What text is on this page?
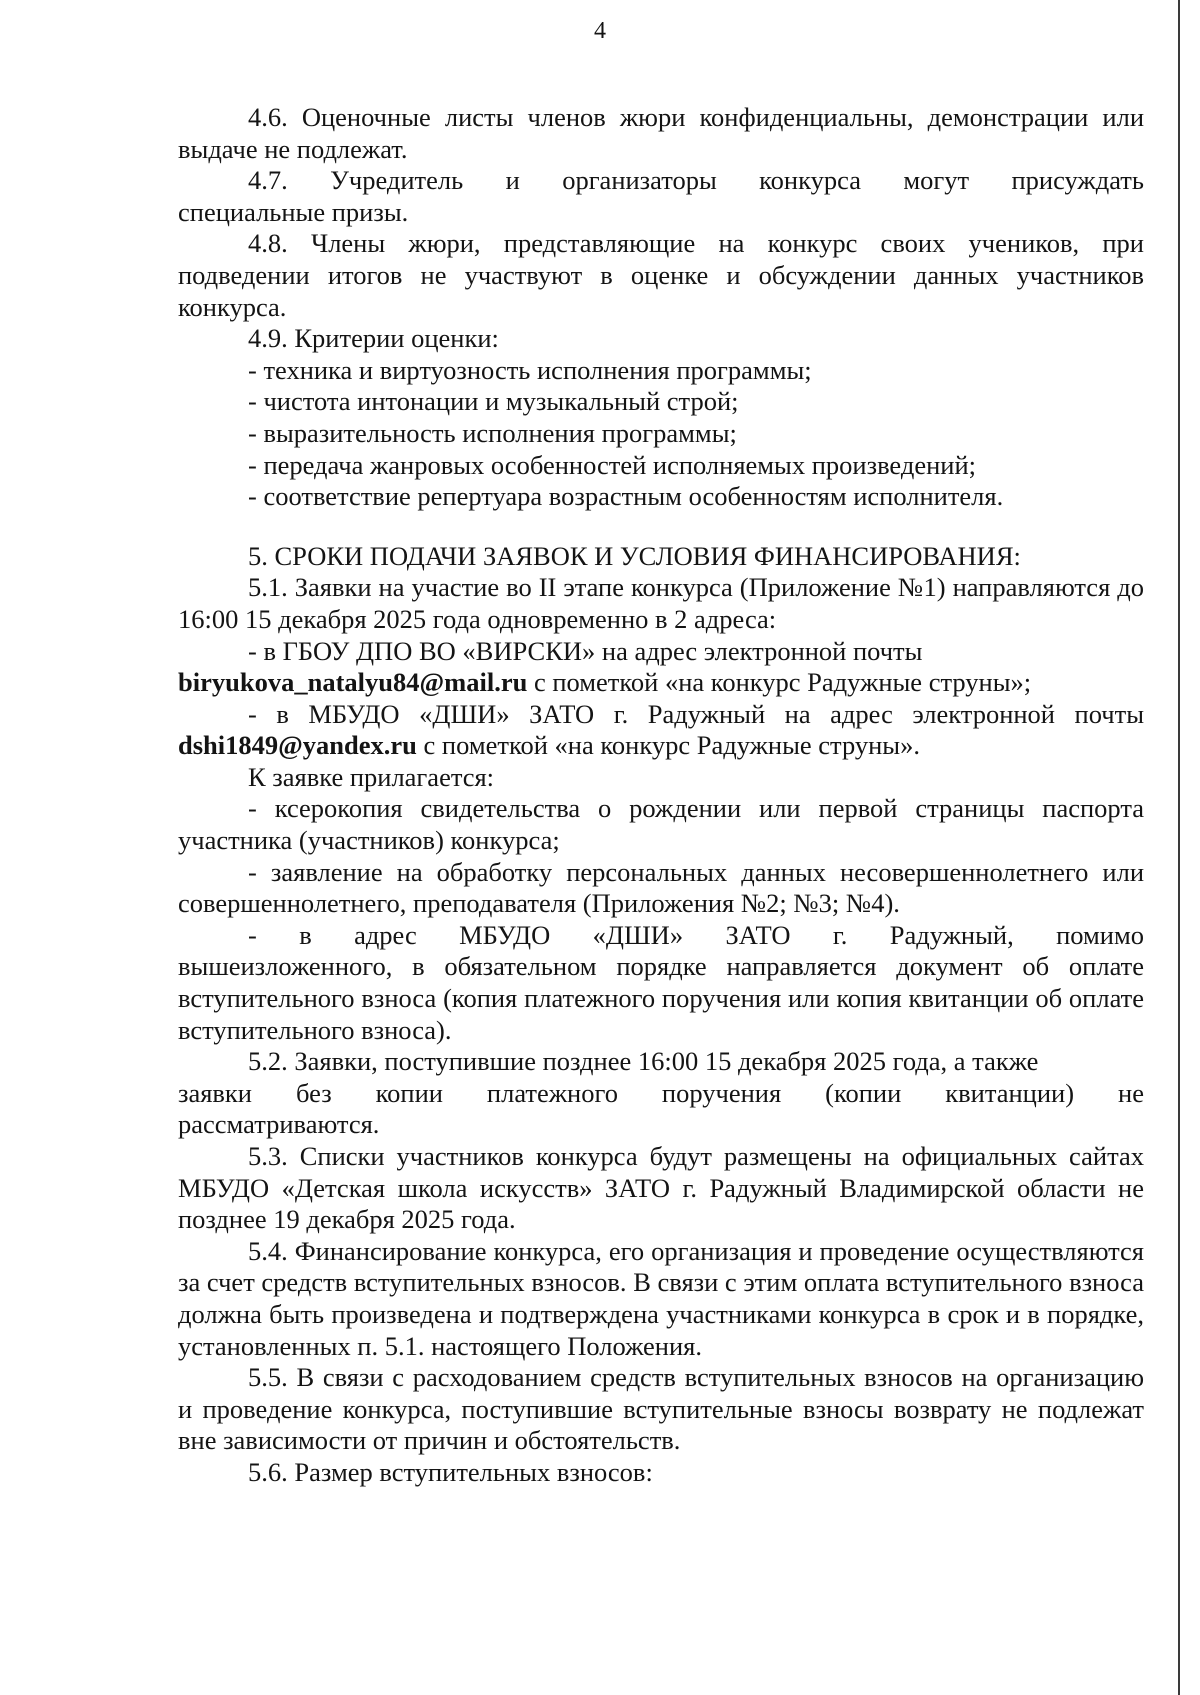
4

4.6. Оценочные листы членов жюри конфиденциальны, демонстрации или выдаче не подлежат.

4.7. Учредитель и организаторы конкурса могут присуждать
специальные призы.

4.8. Члены жюри, представляющие на конкурс своих учеников, при подведении итогов не участвуют в оценке и обсуждении данных участников конкурса.

4.9. Критерии оценки:

- техника и виртуозность исполнения программы;
- чистота интонации и музыкальный строй;
- выразительность исполнения программы;
- передача жанровых особенностей исполняемых произведений;
- соответствие репертуара возрастным особенностям исполнителя.
5. СРОКИ ПОДАЧИ ЗАЯВОК И УСЛОВИЯ ФИНАНСИРОВАНИЯ:

5.1. Заявки на участие во II этапе конкурса (Приложение №1) направляются до 16:00 15 декабря 2025 года одновременно в 2 адреса:

- в ГБОУ ДПО ВО «ВИРСКИ» на адрес электронной почты
biryukova_natalyu84@mail.ru с пометкой «на конкурс Радужные струны»;

- в МБУДО «ДШИ» ЗАТО г. Радужный на адрес электронной почты dshi1849@yandex.ru с пометкой «на конкурс Радужные струны».

К заявке прилагается:

- ксерокопия свидетельства о рождении или первой страницы паспорта участника (участников) конкурса;

- заявление на обработку персональных данных несовершеннолетнего или совершеннолетнего, преподавателя (Приложения №2; №3; №4).

- в адрес МБУДО «ДШИ» ЗАТО г. Радужный, помимо

вышеизложенного, в обязательном порядке направляется документ об оплате вступительного взноса (копия платежного поручения или копия квитанции об оплате вступительного взноса).

5.2. Заявки, поступившие позднее 16:00 15 декабря 2025 года, а также
заявки без копии платежного поручения (копии квитанции) не
рассматриваются.

5.3. Списки участников конкурса будут размещены на официальных сайтах МБУДО «Детская школа искусств» ЗАТО г. Радужный Владимирской области не позднее 19 декабря 2025 года.

5.4. Финансирование конкурса, его организация и проведение осуществляются за счет средств вступительных взносов. В связи с этим оплата вступительного взноса должна быть произведена и подтверждена участниками конкурса в срок и в порядке, установленных п. 5.1. настоящего Положения.

5.5. В связи с расходованием средств вступительных взносов на организацию и проведение конкурса, поступившие вступительные взносы возврату не подлежат вне зависимости от причин и обстоятельств.

5.6. Размер вступительных взносов:
